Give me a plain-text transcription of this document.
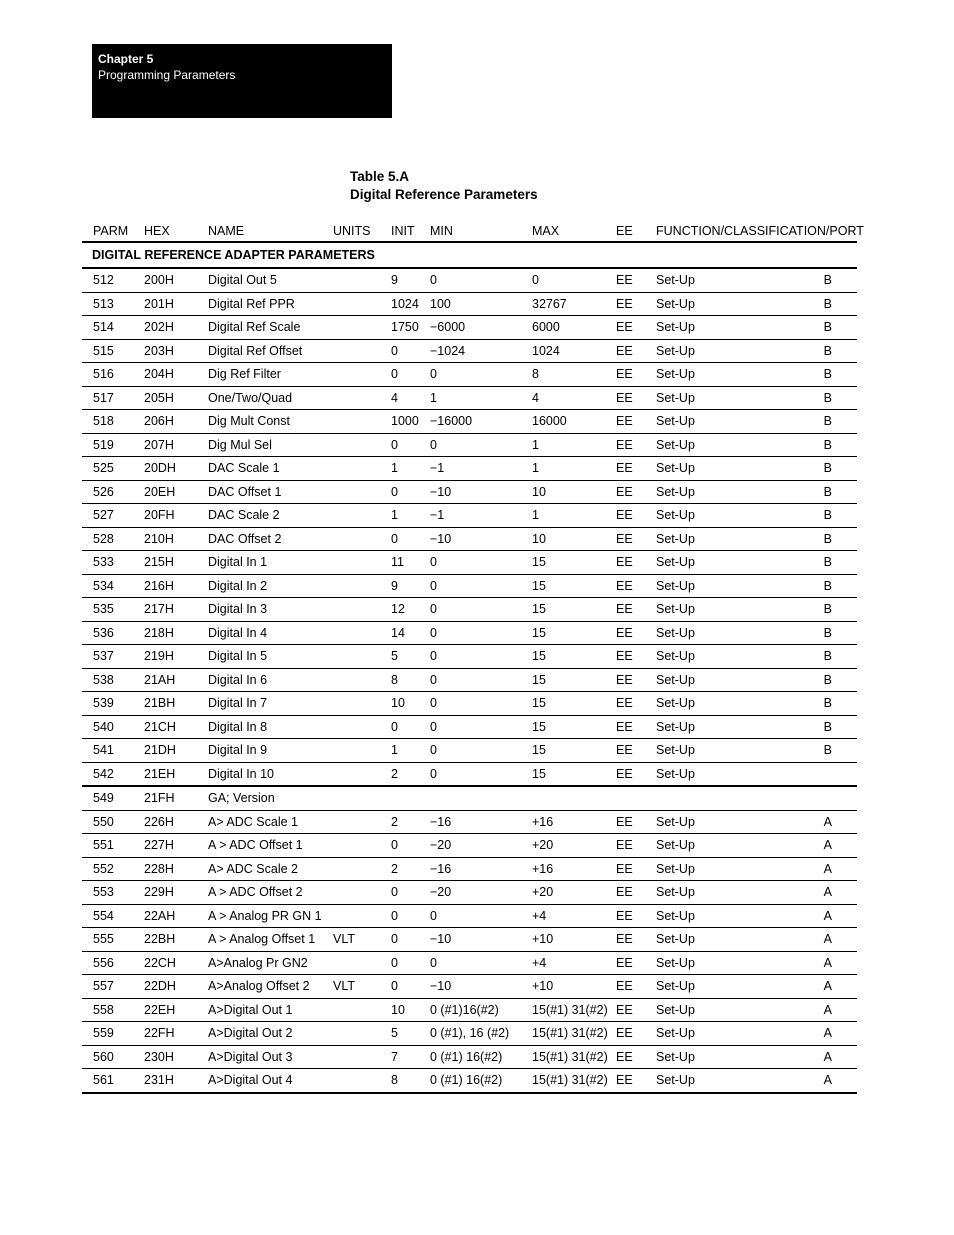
Chapter 5
Programming Parameters
Table 5.A
Digital Reference Parameters
PARM	HEX	NAME	UNITS	INIT	MIN	MAX	EE	FUNCTION/CLASSIFICATION/PORT
DIGITAL REFERENCE ADAPTER PARAMETERS								
512	200H	Digital Out 5		9	0	0	EE	Set-Up B

513	201H	Digital Ref PPR		1024	100	32767	EE	Set-Up B

514	202H	Digital Ref Scale		1750	−6000	6000	EE	Set-Up B

515	203H	Digital Ref Offset		0	−1024	1024	EE	Set-Up B

516	204H	Dig Ref Filter		0	0	8	EE	Set-Up B

517	205H	One/Two/Quad		4	1	4	EE	Set-Up B

518	206H	Dig Mult Const		1000	−16000	16000	EE	Set-Up B

519	207H	Dig Mul Sel		0	0	1	EE	Set-Up B

525	20DH	DAC Scale 1		1	−1	1	EE	Set-Up B

526	20EH	DAC Offset 1		0	−10	10	EE	Set-Up B

527	20FH	DAC Scale 2		1	−1	1	EE	Set-Up B

528	210H	DAC Offset 2		0	−10	10	EE	Set-Up B

533	215H	Digital In 1		11	0	15	EE	Set-Up B

534	216H	Digital In 2		9	0	15	EE	Set-Up B

535	217H	Digital In 3		12	0	15	EE	Set-Up B

536	218H	Digital In 4		14	0	15	EE	Set-Up B

537	219H	Digital In 5		5	0	15	EE	Set-Up B

538	21AH	Digital In 6		8	0	15	EE	Set-Up B

539	21BH	Digital In 7		10	0	15	EE	Set-Up B

540	21CH	Digital In 8		0	0	15	EE	Set-Up B

541	21DH	Digital In 9		1	0	15	EE	Set-Up B

542	21EH	Digital In 10		2	0	15	EE	Set-Up

549	21FH	GA; Version						

550	226H	A> ADC Scale 1		2	−16	+16	EE	Set-Up A

551	227H	A > ADC Offset 1		0	−20	+20	EE	Set-Up A

552	228H	A> ADC Scale 2		2	−16	+16	EE	Set-Up A

553	229H	A > ADC Offset 2		0	−20	+20	EE	Set-Up A

554	22AH	A > Analog PR GN 1		0	0	+4	EE	Set-Up A

555	22BH	A > Analog Offset 1	VLT	0	−10	+10	EE	Set-Up A

556	22CH	A>Analog Pr GN2		0	0	+4	EE	Set-Up A

557	22DH	A>Analog Offset 2	VLT	0	−10	+10	EE	Set-Up A

558	22EH	A>Digital Out 1		10	0 (#1)16(#2)	15(#1) 31(#2)	EE	Set-Up A

559	22FH	A>Digital Out 2		5	0 (#1), 16 (#2)	15(#1) 31(#2)	EE	Set-Up A

560	230H	A>Digital Out 3		7	0 (#1) 16(#2)	15(#1) 31(#2)	EE	Set-Up A

561	231H	A>Digital Out 4		8	0 (#1) 16(#2)	15(#1) 31(#2)	EE	Set-Up A
